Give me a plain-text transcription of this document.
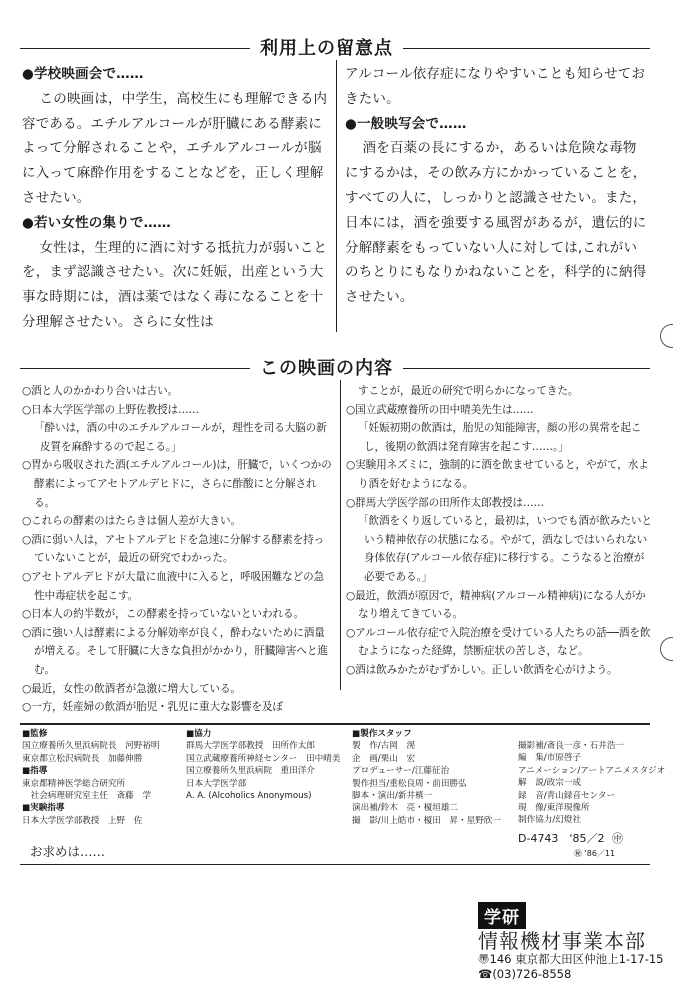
利用上の留意点

●学校映画会で……

この映画は，中学生，高校生にも理解できる内容である。エチルアルコールが肝臓にある酵素によって分解されることや，エチルアルコールが脳に入って麻酔作用をすることなどを，正しく理解させたい。

●若い女性の集りで……

女性は，生理的に酒に対する抵抗力が弱いことを，まず認識させたい。次に妊娠，出産という大事な時期には，酒は薬ではなく毒になることを十分理解させたい。さらに女性は

アルコール依存症になりやすいことも知らせておきたい。

●一般映写会で……

酒を百薬の長にするか，あるいは危険な毒物にするかは，その飲み方にかかっていることを，すべての人に，しっかりと認識させたい。また，日本には，酒を強要する風習があるが，遺伝的に分解酵素をもっていない人に対しては,これがいのちとりにもなりかねないことを，科学的に納得させたい。

この映画の内容

○酒と人のかかわり合いは古い。

○日本大学医学部の上野佐教授は……

「酔いは，酒の中のエチルアルコールが，理性を司る大脳の新皮質を麻酔するので起こる。」

○胃から吸収された酒(エチルアルコール)は，肝臓で，いくつかの酵素によってアセトアルデヒドに，さらに酢酸にと分解される。

○これらの酵素のはたらきは個人差が大きい。

○酒に弱い人は，アセトアルデヒドを急速に分解する酵素を持っていないことが，最近の研究でわかった。

○アセトアルデヒドが大量に血液中に入ると，呼吸困難などの急性中毒症状を起こす。

○日本人の約半数が，この酵素を持っていないといわれる。

○酒に強い人は酵素による分解効率が良く，酔わないために酒量が増える。そして肝臓に大きな負担がかかり，肝臓障害へと進む。

○最近，女性の飲酒者が急激に増大している。

○一方，妊産婦の飲酒が胎児・乳児に重大な影響を及ぼ

すことが，最近の研究で明らかになってきた。

○国立武蔵療養所の田中晴美先生は……

「妊娠初期の飲酒は，胎児の知能障害，顔の形の異常を起こし，後期の飲酒は発育障害を起こす……。」

○実験用ネズミに，強制的に酒を飲ませていると，やがて，水より酒を好むようになる。

○群馬大学医学部の田所作太郎教授は……

「飲酒をくり返していると，最初は，いつでも酒が飲みたいという精神依存の状態になる。やがて，酒なしではいられない身体依存(アルコール依存症)に移行する。こうなると治療が必要である。」

○最近，飲酒が原因で，精神病(アルコール精神病)になる人がかなり増えてきている。

○アルコール依存症で入院治療を受けている人たちの話──酒を飲むようになった経緯，禁断症状の苦しさ，など。

○酒は飲みかたがむずかしい。正しい飲酒を心がけよう。

■監修

国立療養所久里浜病院長　河野裕明

東京都立松沢病院長　加藤伸勝

■指導

東京都精神医学総合研究所

　社会病理研究室主任　斎藤　学

■実験指導

日本大学医学部教授　上野　佐

■協力

群馬大学医学部教授　田所作太郎

国立武蔵療養所神経センター　田中晴美

国立療養所久里浜病院　重田洋介

日本大学医学部

A. A. (Alcoholics Anonymous)

■製作スタッフ

製　作/古岡　滉

企　画/栗山　宏

プロデューサー/江藤征治

製作担当/重松良周・前田勝弘

脚本・演出/新井槙一

演出補/鈴木　亮・榎垣雄二

撮　影/川上皓市・榎田　昇・星野欣一

撮影補/斎良一彦・石井浩一

編　集/市原啓子

アニメーション/アートアニメスタジオ

解　説/政宗一成

録　音/青山録音センター

現　像/東洋現像所

制作協力/幻燈社

D-4743　'85／2 ㊥
㊙ '86／11
お求めは……
学研
情報機材事業本部
〠146 東京都大田区仲池上1-17-15
☎(03)726-8558
